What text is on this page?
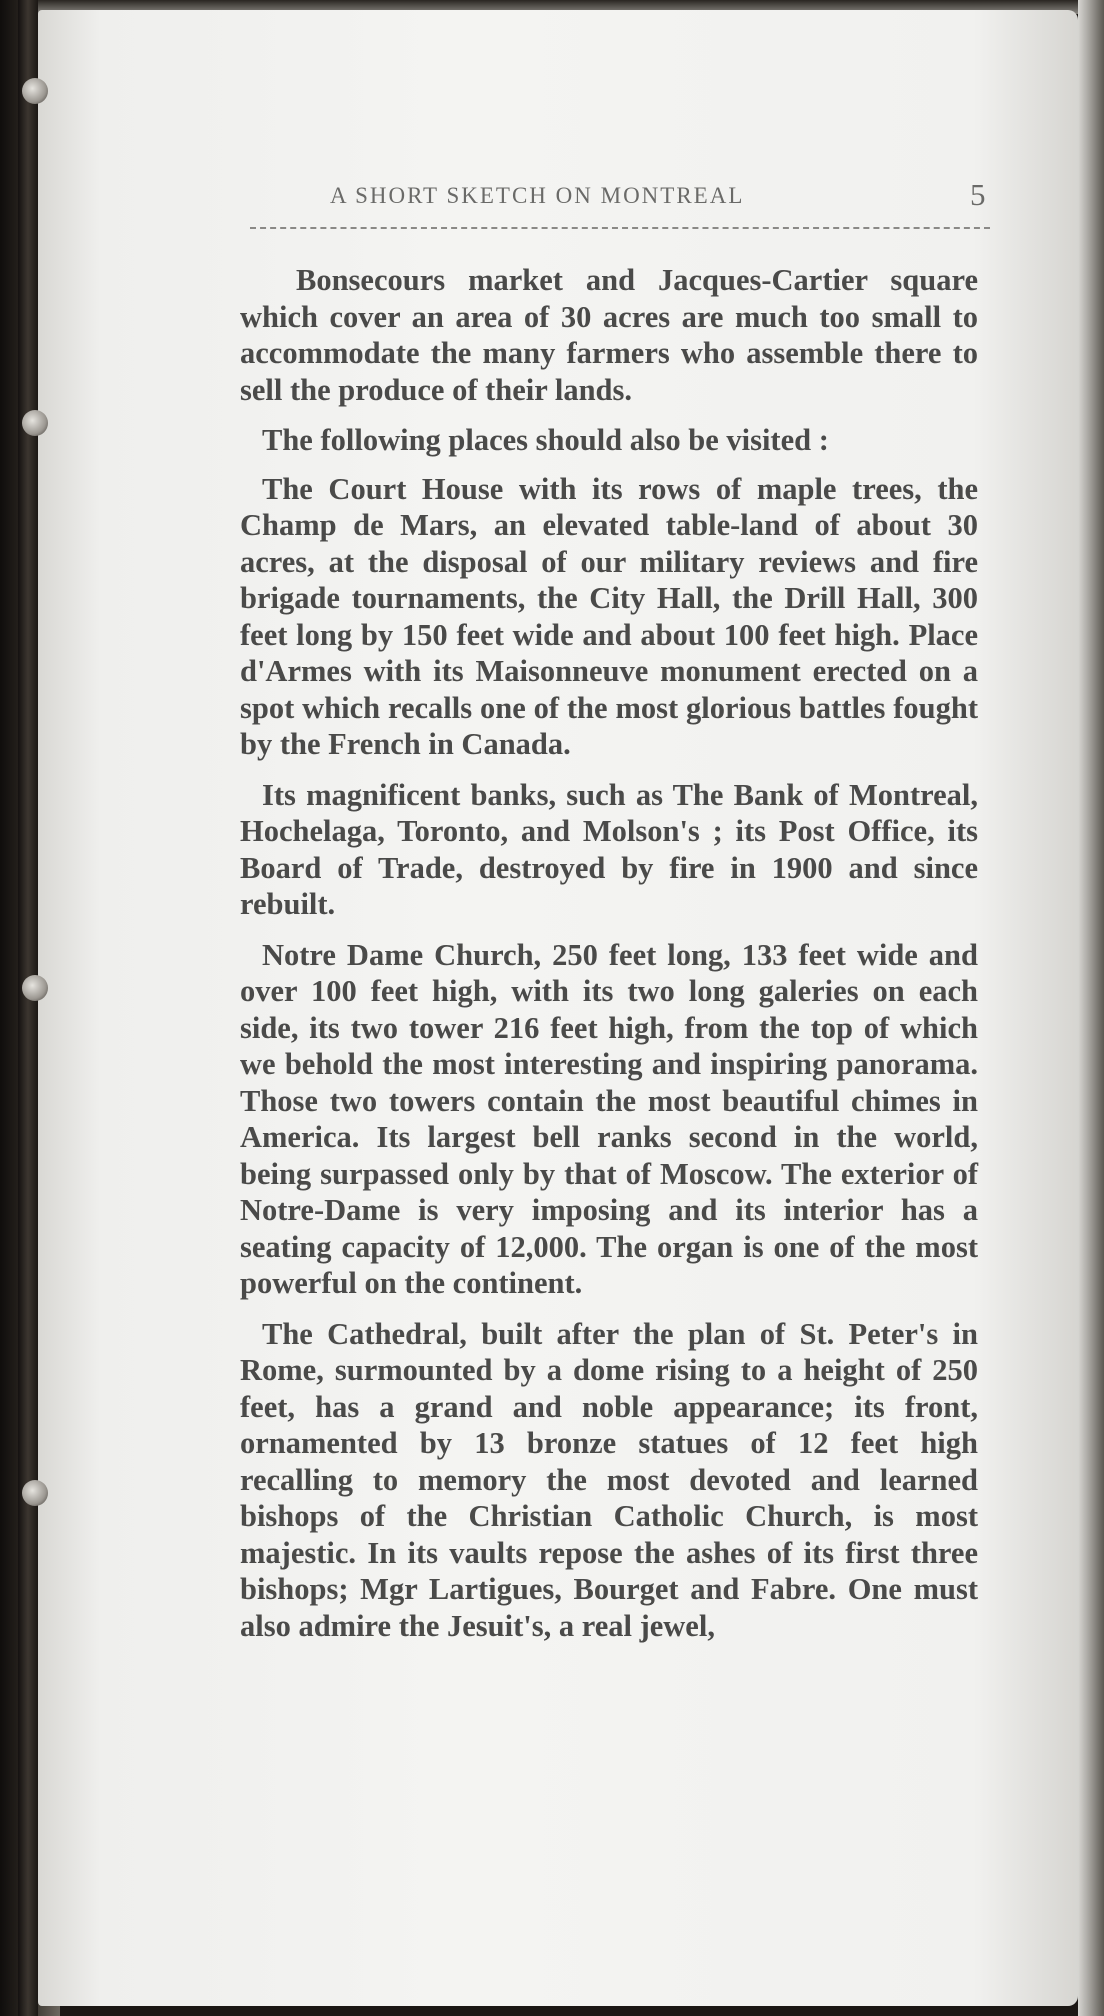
A SHORT SKETCH ON MONTREAL	5

Bonsecours market and Jacques-Cartier square which cover an area of 30 acres are much too small to accommodate the many farmers who assemble there to sell the produce of their lands.

The following places should also be visited :

The Court House with its rows of maple trees, the Champ de Mars, an elevated table-land of about 30 acres, at the disposal of our military reviews and fire brigade tournaments, the City Hall, the Drill Hall, 300 feet long by 150 feet wide and about 100 feet high. Place d'Armes with its Maisonneuve monument erected on a spot which recalls one of the most glorious battles fought by the French in Canada.

Its magnificent banks, such as The Bank of Montreal, Hochelaga, Toronto, and Molson's ; its Post Office, its Board of Trade, destroyed by fire in 1900 and since rebuilt.

Notre Dame Church, 250 feet long, 133 feet wide and over 100 feet high, with its two long galeries on each side, its two tower 216 feet high, from the top of which we behold the most interesting and inspiring panorama. Those two towers contain the most beautiful chimes in America. Its largest bell ranks second in the world, being surpassed only by that of Moscow. The exterior of Notre-Dame is very imposing and its interior has a seating capacity of 12,000. The organ is one of the most powerful on the continent.

The Cathedral, built after the plan of St. Peter's in Rome, surmounted by a dome rising to a height of 250 feet, has a grand and noble appearance; its front, ornamented by 13 bronze statues of 12 feet high recalling to memory the most devoted and learned bishops of the Christian Catholic Church, is most majestic. In its vaults repose the ashes of its first three bishops; Mgr Lartigues, Bourget and Fabre. One must also admire the Jesuit's, a real jewel,
